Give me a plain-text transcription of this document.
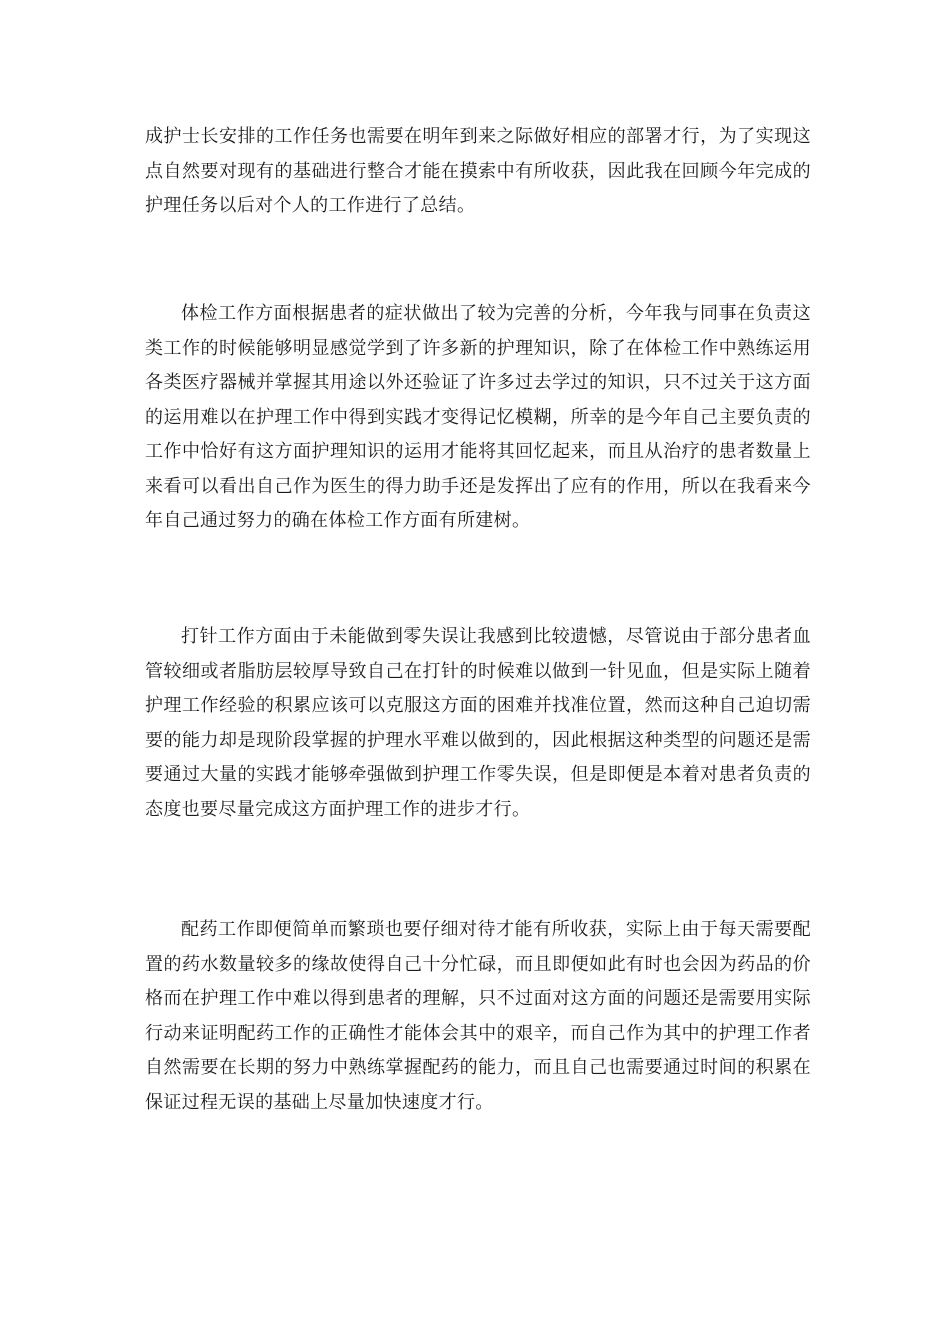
成护士长安排的工作任务也需要在明年到来之际做好相应的部署才行，为了实现这点自然要对现有的基础进行整合才能在摸索中有所收获，因此我在回顾今年完成的护理任务以后对个人的工作进行了总结。

体检工作方面根据患者的症状做出了较为完善的分析，今年我与同事在负责这类工作的时候能够明显感觉学到了许多新的护理知识，除了在体检工作中熟练运用各类医疗器械并掌握其用途以外还验证了许多过去学过的知识，只不过关于这方面的运用难以在护理工作中得到实践才变得记忆模糊，所幸的是今年自己主要负责的工作中恰好有这方面护理知识的运用才能将其回忆起来，而且从治疗的患者数量上来看可以看出自己作为医生的得力助手还是发挥出了应有的作用，所以在我看来今年自己通过努力的确在体检工作方面有所建树。

打针工作方面由于未能做到零失误让我感到比较遗憾，尽管说由于部分患者血管较细或者脂肪层较厚导致自己在打针的时候难以做到一针见血，但是实际上随着护理工作经验的积累应该可以克服这方面的困难并找准位置，然而这种自己迫切需要的能力却是现阶段掌握的护理水平难以做到的，因此根据这种类型的问题还是需要通过大量的实践才能够牵强做到护理工作零失误，但是即便是本着对患者负责的态度也要尽量完成这方面护理工作的进步才行。

配药工作即便简单而繁琐也要仔细对待才能有所收获，实际上由于每天需要配置的药水数量较多的缘故使得自己十分忙碌，而且即便如此有时也会因为药品的价格而在护理工作中难以得到患者的理解，只不过面对这方面的问题还是需要用实际行动来证明配药工作的正确性才能体会其中的艰辛，而自己作为其中的护理工作者自然需要在长期的努力中熟练掌握配药的能力，而且自己也需要通过时间的积累在保证过程无误的基础上尽量加快速度才行。
